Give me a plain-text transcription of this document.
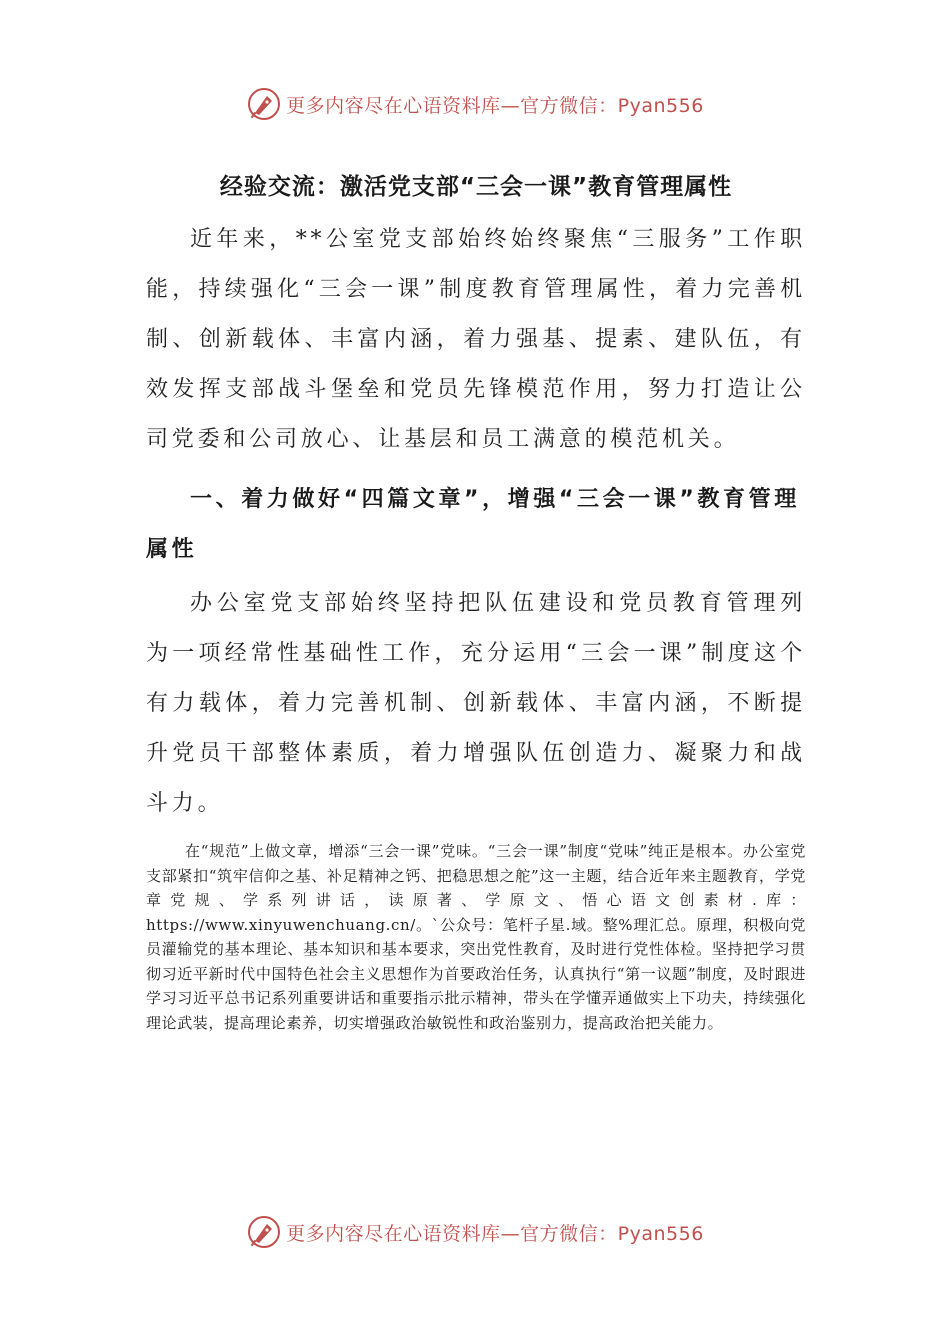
更多内容尽在心语资料库—官方微信：Pyan556
经验交流：激活党支部“三会一课”教育管理属性

近年来，**公室党支部始终始终聚焦“三服务”工作职能，持续强化“三会一课”制度教育管理属性，着力完善机制、创新载体、丰富内涵，着力强基、提素、建队伍，有效发挥支部战斗堡垒和党员先锋模范作用，努力打造让公司党委和公司放心、让基层和员工满意的模范机关。

一、着力做好“四篇文章”，增强“三会一课”教育管理属性

办公室党支部始终坚持把队伍建设和党员教育管理列为一项经常性基础性工作，充分运用“三会一课”制度这个有力载体，着力完善机制、创新载体、丰富内涵，不断提升党员干部整体素质，着力增强队伍创造力、凝聚力和战斗力。

在“规范”上做文章，增添“三会一课”党味。“三会一课”制度“党味”纯正是根本。办公室党支部紧扣“筑牢信仰之基、补足精神之钙、把稳思想之舵”这一主题，结合近年来主题教育，学党章党规、学系列讲话，读原著、学原文、悟心语文创素材.库：https://www.xinyuwenchuang.cn/。`公众号：笔杆子星.域。整%理汇总。原理，积极向党员灌输党的基本理论、基本知识和基本要求，突出党性教育，及时进行党性体检。坚持把学习贯彻习近平新时代中国特色社会主义思想作为首要政治任务，认真执行“第一议题”制度，及时跟进学习习近平总书记系列重要讲话和重要指示批示精神，带头在学懂弄通做实上下功夫，持续强化理论武装，提高理论素养，切实增强政治敏锐性和政治鉴别力，提高政治把关能力。

更多内容尽在心语资料库—官方微信：Pyan556
